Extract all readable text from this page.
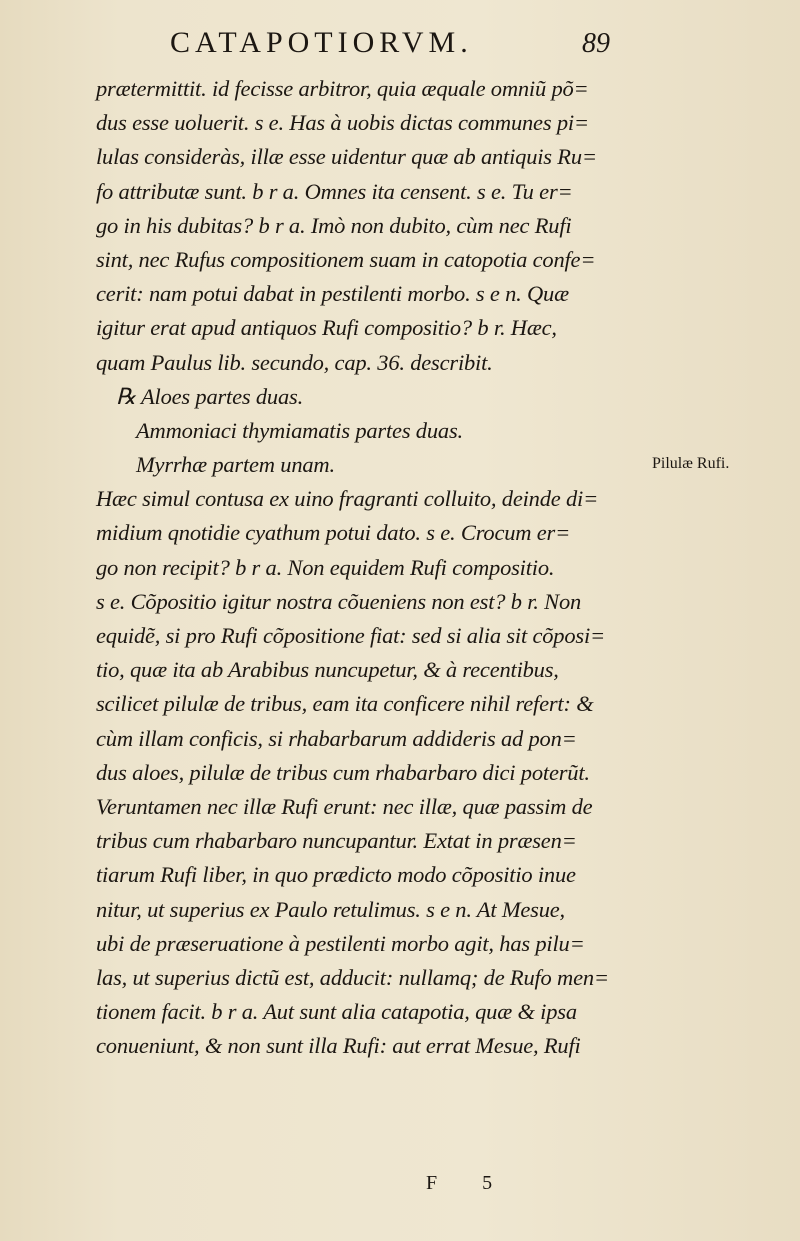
CATAPOTIORVM.	89
prætermittit. id fecisse arbitror, quia æquale omniũ põ=
dus esse uoluerit. s e. Has à uobis dictas communes pi=
lulas consideràs, illæ esse uidentur quæ ab antiquis Ru=
fo attributæ sunt. b r a. Omnes ita censent. s e. Tu er=
go in his dubitas? b r a. Imò non dubito, cùm nec Rufi
sint, nec Rufus compositionem suam in catopotia confe=
cerit: nam potui dabat in pestilenti morbo. s e n. Quæ
igitur erat apud antiquos Rufi compositio? b r. Hæc,
quam Paulus lib. secundo, cap. 36. describit.
℞ Aloes partes duas.
Ammoniaci thymiamatis partes duas.
Myrrhæ partem unam.
Hæc simul contusa ex uino fragranti colluito, deinde di=
midium qnotidie cyathum potui dato. s e. Crocum er=
go non recipit? b r a. Non equidem Rufi compositio.
s e. Cõpositio igitur nostra cõueniens non est? b r. Non
equidẽ, si pro Rufi cõpositione fiat: sed si alia sit cõposi=
tio, quæ ita ab Arabibus nuncupetur, & à recentibus,
scilicet pilulæ de tribus, eam ita conficere nihil refert: &
cùm illam conficis, si rhabarbarum addideris ad pon=
dus aloes, pilulæ de tribus cum rhabarbaro dici poterũt.
Veruntamen nec illæ Rufi erunt: nec illæ, quæ passim de
tribus cum rhabarbaro nuncupantur. Extat in præsen=
tiarum Rufi liber, in quo prædicto modo cõpositio inue
nitur, ut superius ex Paulo retulimus. s e n. At Mesue,
ubi de præseruatione à pestilenti morbo agit, has pilu=
las, ut superius dictũ est, adducit: nullamq; de Rufo men=
tionem facit. b r a. Aut sunt alia catapotia, quæ & ipsa
conueniunt, & non sunt illa Rufi: aut errat Mesue, Rufi
Pilulæ Rufi.
F 5
